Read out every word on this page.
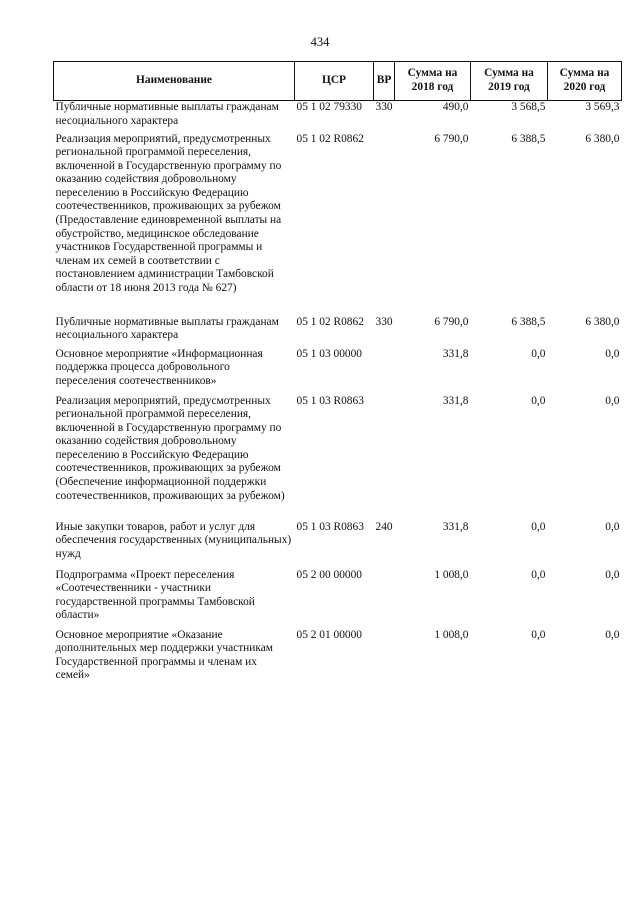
434
Наименование	ЦСР	ВР	Сумма на 2018 год	Сумма на 2019 год	Сумма на 2020 год
Публичные нормативные выплаты гражданам несоциального характера	05 1 02 79330	330	490,0	3 568,5	3 569,3
Реализация мероприятий, предусмотренных региональной программой переселения, включенной в Государственную программу по оказанию содействия добровольному переселению в Российскую Федерацию соотечественников, проживающих за рубежом (Предоставление единовременной выплаты на обустройство, медицинское обследование участников Государственной программы и членам их семей в соответствии с постановлением администрации Тамбовской области от 18 июня 2013 года № 627)	05 1 02 R0862		6 790,0	6 388,5	6 380,0
Публичные нормативные выплаты гражданам несоциального характера	05 1 02 R0862	330	6 790,0	6 388,5	6 380,0
Основное мероприятие «Информационная поддержка процесса добровольного переселения соотечественников»	05 1 03 00000		331,8	0,0	0,0
Реализация мероприятий, предусмотренных региональной программой переселения, включенной в Государственную программу по оказанию содействия добровольному переселению в Российскую Федерацию соотечественников, проживающих за рубежом (Обеспечение информационной поддержки соотечественников, проживающих за рубежом)	05 1 03 R0863		331,8	0,0	0,0
Иные закупки товаров, работ и услуг для обеспечения государственных (муниципальных) нужд	05 1 03 R0863	240	331,8	0,0	0,0
Подпрограмма «Проект переселения «Соотечественники - участники государственной программы Тамбовской области»	05 2 00 00000		1 008,0	0,0	0,0
Основное мероприятие «Оказание дополнительных мер поддержки участникам Государственной программы и членам их семей»	05 2 01 00000		1 008,0	0,0	0,0
